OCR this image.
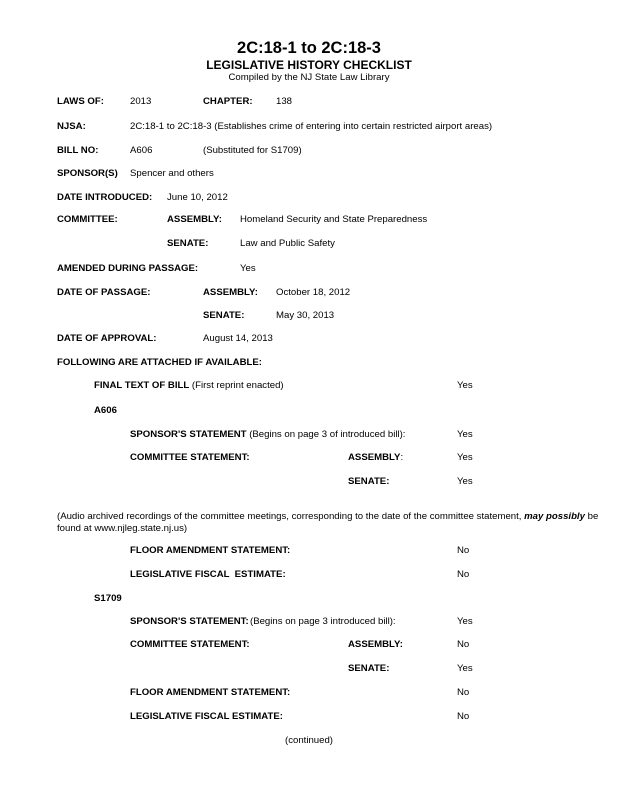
2C:18-1 to 2C:18-3
LEGISLATIVE HISTORY CHECKLIST
Compiled by the NJ State Law Library
LAWS OF:	2013	CHAPTER: 138
NJSA:	2C:18-1 to 2C:18-3 (Establishes crime of entering into certain restricted airport areas)
BILL NO:	A606	(Substituted for S1709)
SPONSOR(S) Spencer and others
DATE INTRODUCED: June 10, 2012
COMMITTEE:	ASSEMBLY: Homeland Security and State Preparedness
SENATE:	Law and Public Safety
AMENDED DURING PASSAGE:	Yes
DATE OF PASSAGE:	ASSEMBLY: October 18, 2012
SENATE:	May 30, 2013
DATE OF APPROVAL:	August 14, 2013
FOLLOWING ARE ATTACHED IF AVAILABLE:
FINAL TEXT OF BILL (First reprint enacted)	Yes
A606
SPONSOR'S STATEMENT (Begins on page 3 of introduced bill):	Yes
COMMITTEE STATEMENT:	ASSEMBLY:	Yes
SENATE:	Yes
(Audio archived recordings of the committee meetings, corresponding to the date of the committee statement, may possibly be found at www.njleg.state.nj.us)
FLOOR AMENDMENT STATEMENT:	No
LEGISLATIVE FISCAL  ESTIMATE:	No
S1709
SPONSOR'S STATEMENT: (Begins on page 3 introduced bill):	Yes
COMMITTEE STATEMENT:	ASSEMBLY:	No
SENATE:	Yes
FLOOR AMENDMENT STATEMENT:	No
LEGISLATIVE FISCAL ESTIMATE:	No
(continued)
